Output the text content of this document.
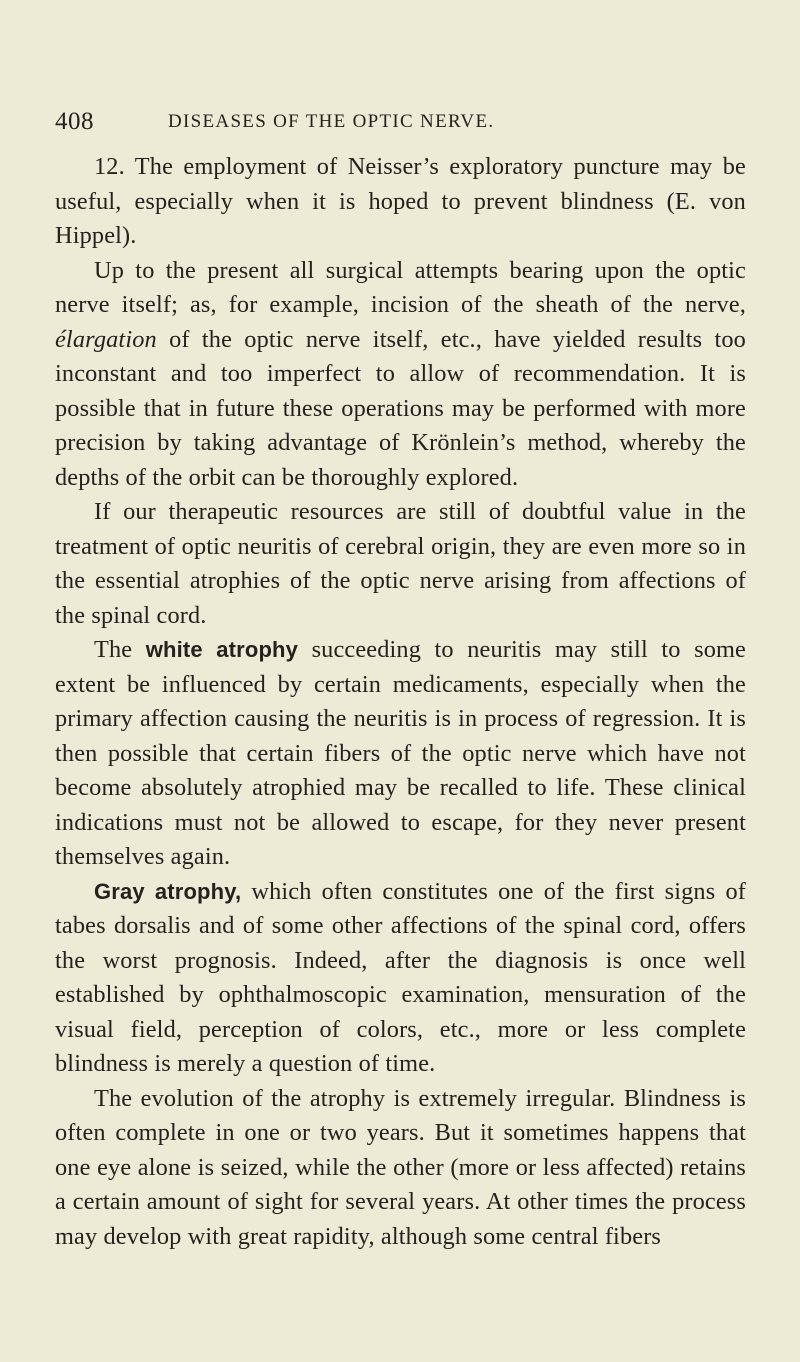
408	DISEASES OF THE OPTIC NERVE.

12. The employment of Neisser’s exploratory puncture may be useful, especially when it is hoped to prevent blindness (E. von Hippel).

Up to the present all surgical attempts bearing upon the optic nerve itself; as, for example, incision of the sheath of the nerve, élargation of the optic nerve itself, etc., have yielded results too inconstant and too imperfect to allow of recommendation. It is possible that in future these operations may be performed with more precision by taking advantage of Krönlein’s method, whereby the depths of the orbit can be thoroughly explored.

If our therapeutic resources are still of doubtful value in the treatment of optic neuritis of cerebral origin, they are even more so in the essential atrophies of the optic nerve arising from affections of the spinal cord.

The white atrophy succeeding to neuritis may still to some extent be influenced by certain medicaments, especially when the primary affection causing the neuritis is in process of regression. It is then possible that certain fibers of the optic nerve which have not become absolutely atrophied may be recalled to life. These clinical indications must not be allowed to escape, for they never present themselves again.

Gray atrophy, which often constitutes one of the first signs of tabes dorsalis and of some other affections of the spinal cord, offers the worst prognosis. Indeed, after the diagnosis is once well established by ophthalmoscopic examination, mensuration of the visual field, perception of colors, etc., more or less complete blindness is merely a question of time.

The evolution of the atrophy is extremely irregular. Blindness is often complete in one or two years. But it sometimes happens that one eye alone is seized, while the other (more or less affected) retains a certain amount of sight for several years. At other times the process may develop with great rapidity, although some central fibers
